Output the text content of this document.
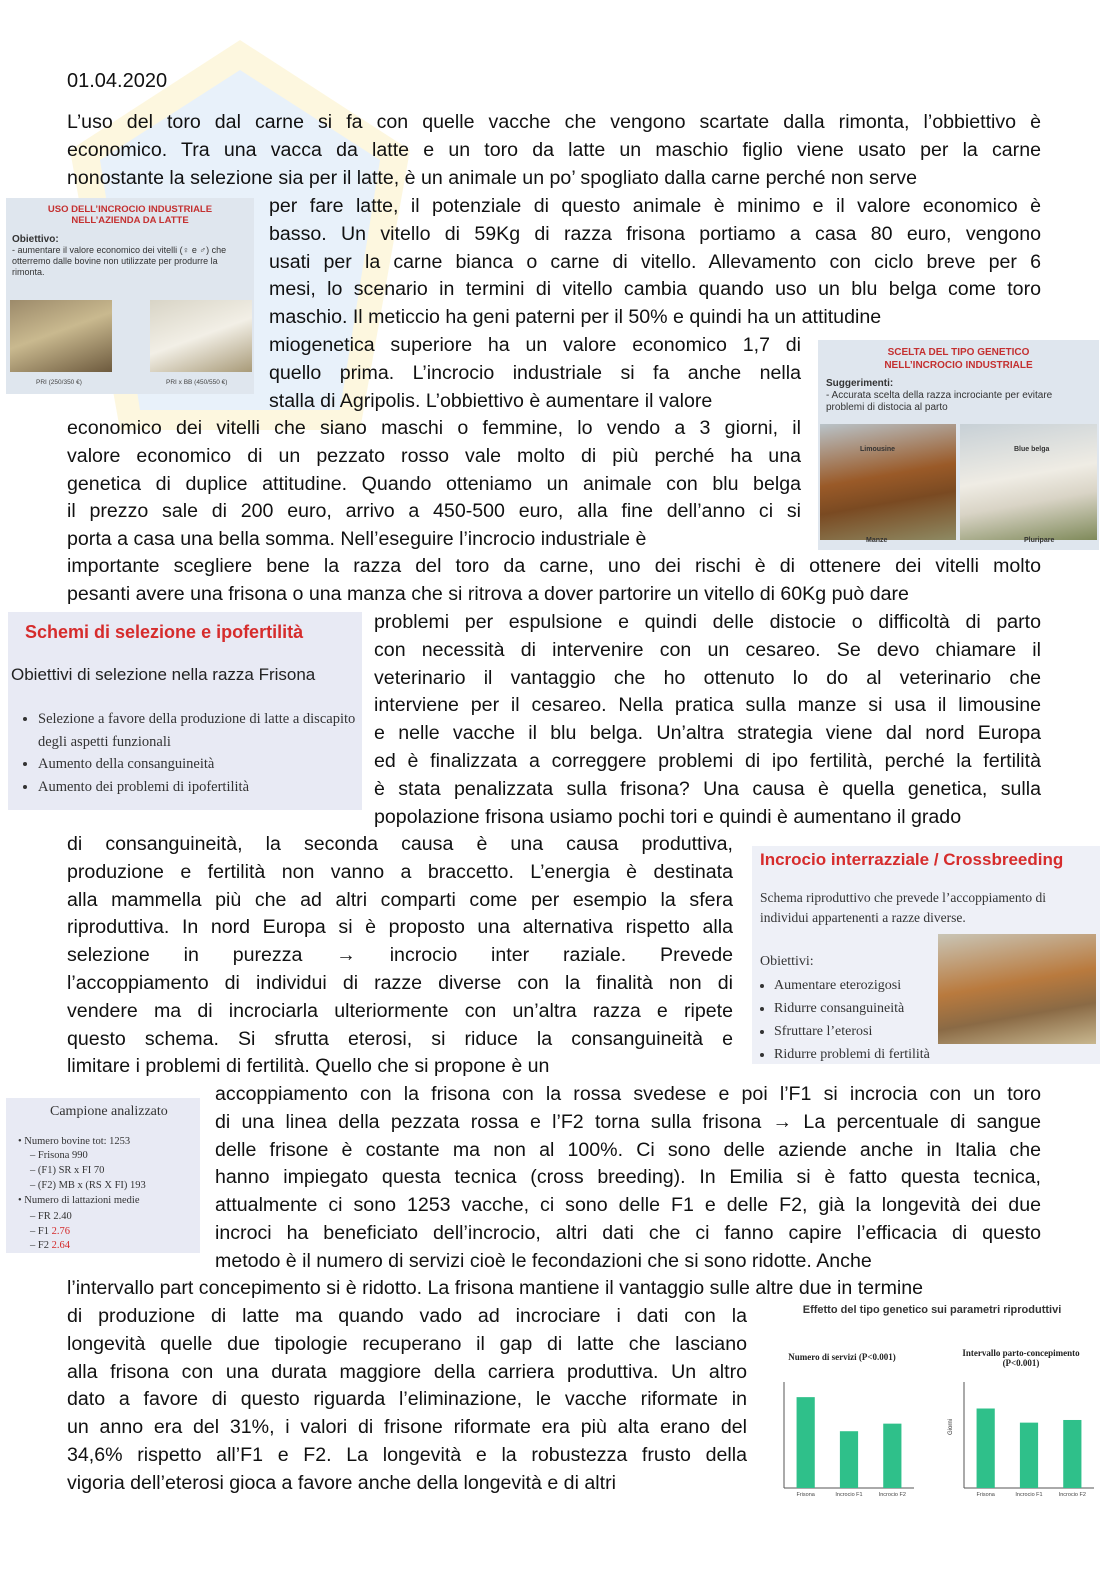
01.04.2020
L’uso del toro dal carne si fa con quelle vacche che vengono scartate dalla rimonta, l’obbiettivo è
economico. Tra una vacca da latte e un toro da latte un maschio figlio viene usato per la carne
nonostante la selezione sia per il latte, è un animale un po’ spogliato dalla carne perché non serve
per fare latte, il potenziale di questo animale è minimo e il valore economico è
basso. Un vitello di 59Kg di razza frisona portiamo a casa 80 euro, vengono
usati per la carne bianca o carne di vitello. Allevamento con ciclo breve per 6
mesi, lo scenario in termini di vitello cambia quando uso un blu belga come toro
maschio. Il meticcio ha geni paterni per il 50% e quindi ha un attitudine
miogenetica superiore ha un valore economico 1,7 di
quello prima. L’incrocio industriale si fa anche nella
stalla di Agripolis. L’obbiettivo è aumentare il valore
economico dei vitelli che siano maschi o femmine, lo vendo a 3 giorni, il
valore economico di un pezzato rosso vale molto di più perché ha una
genetica di duplice attitudine. Quando otteniamo un animale con blu belga
il prezzo sale di 200 euro, arrivo a 450-500 euro, alla fine dell’anno ci si
porta a casa una bella somma. Nell’eseguire l’incrocio industriale è
importante scegliere bene la razza del toro da carne, uno dei rischi è di ottenere dei vitelli molto
pesanti avere una frisona o una manza che si ritrova a dover partorire un vitello di 60Kg può dare
problemi per espulsione e quindi delle distocie o difficoltà di parto
con necessità di intervenire con un cesareo. Se devo chiamare il
veterinario il vantaggio che ho ottenuto lo do al veterinario che
interviene per il cesareo. Nella pratica sulla manze si usa il limousine
e nelle vacche il blu belga. Un’altra strategia viene dal nord Europa
ed è finalizzata a correggere problemi di ipo fertilità, perché la fertilità
è stata penalizzata sulla frisona? Una causa è quella genetica, sulla
popolazione frisona usiamo pochi tori e quindi è aumentano il grado
di consanguineità, la seconda causa è una causa produttiva,
produzione e fertilità non vanno a braccetto. L’energia è destinata
alla mammella più che ad altri comparti come per esempio la sfera
riproduttiva. In nord Europa si è proposto una alternativa rispetto alla
selezione in purezza → incrocio inter raziale. Prevede
l’accoppiamento di individui di razze diverse con la finalità non di
vendere ma di incrociarla ulteriormente con un’altra razza e ripete
questo schema. Si sfrutta eterosi, si riduce la consanguineità e
limitare i problemi di fertilità. Quello che si propone è un
accoppiamento con la frisona con la rossa svedese e poi l’F1 si incrocia con un toro
di una linea della pezzata rossa e l’F2 torna sulla frisona → La percentuale di sangue
delle frisone è costante ma non al 100%. Ci sono delle aziende anche in Italia che
hanno impiegato questa tecnica (cross breeding). In Emilia si è fatto questa tecnica,
attualmente ci sono 1253 vacche, ci sono delle F1 e delle F2, già la longevità dei due
incroci ha beneficiato dell’incrocio, altri dati che ci fanno capire l’efficacia di questo
metodo è il numero di servizi cioè le fecondazioni che si sono ridotte. Anche
l’intervallo part concepimento si è ridotto. La frisona mantiene il vantaggio sulle altre due in termine
di produzione di latte ma quando vado ad incrociare i dati con la
longevità quelle due tipologie recuperano il gap di latte che lasciano
alla frisona con una durata maggiore della carriera produttiva. Un altro
dato a favore di questo riguarda l’eliminazione, le vacche riformate in
un anno era del 31%, i valori di frisone riformate era più alta erano del
34,6% rispetto all’F1 e F2. La longevità e la robustezza frusto della
vigoria dell’eterosi gioca a favore anche della longevità e di altri
USO DELL’INCROCIO INDUSTRIALE
NELL’AZIENDA DA LATTE
Obiettivo:
- aumentare il valore economico dei vitelli (♀ e ♂) che otterremo dalle bovine non utilizzate per produrre la rimonta.
PRI (250/350 €)	PRI x BB (450/550 €)
SCELTA DEL TIPO GENETICO
NELL’INCROCIO INDUSTRIALE
Suggerimenti:
- Accurata scelta della razza incrociante per evitare problemi di distocia al parto
Limousine	Blue belga
Manze	Pluripare
Schemi di selezione e ipofertilità
Obiettivi di selezione nella razza Frisona
• Selezione a favore della produzione di latte a discapito degli aspetti funzionali
• Aumento della consanguineità
• Aumento dei problemi di ipofertilità
Incrocio interrazziale / Crossbreeding
Schema riproduttivo che prevede l’accoppiamento di individui appartenenti a razze diverse.
Obiettivi:
• Aumentare eterozigosi
• Ridurre consanguineità
• Sfruttare l’eterosi
• Ridurre problemi di fertilità
Campione analizzato
• Numero bovine tot: 1253
– Frisona 990
– (F1) SR x FI 70
– (F2) MB x (RS X FI) 193
• Numero di lattazioni medie
– FR 2.40
– F1 2.76
– F2 2.64
Effetto del tipo genetico sui parametri riproduttivi
Numero di servizi (P<0.001)	Intervallo parto-concepimento (P<0.001)
Frisona	Incrocio F1	Incrocio F2	Frisona	Incrocio F1	Incrocio F2
Giorni
